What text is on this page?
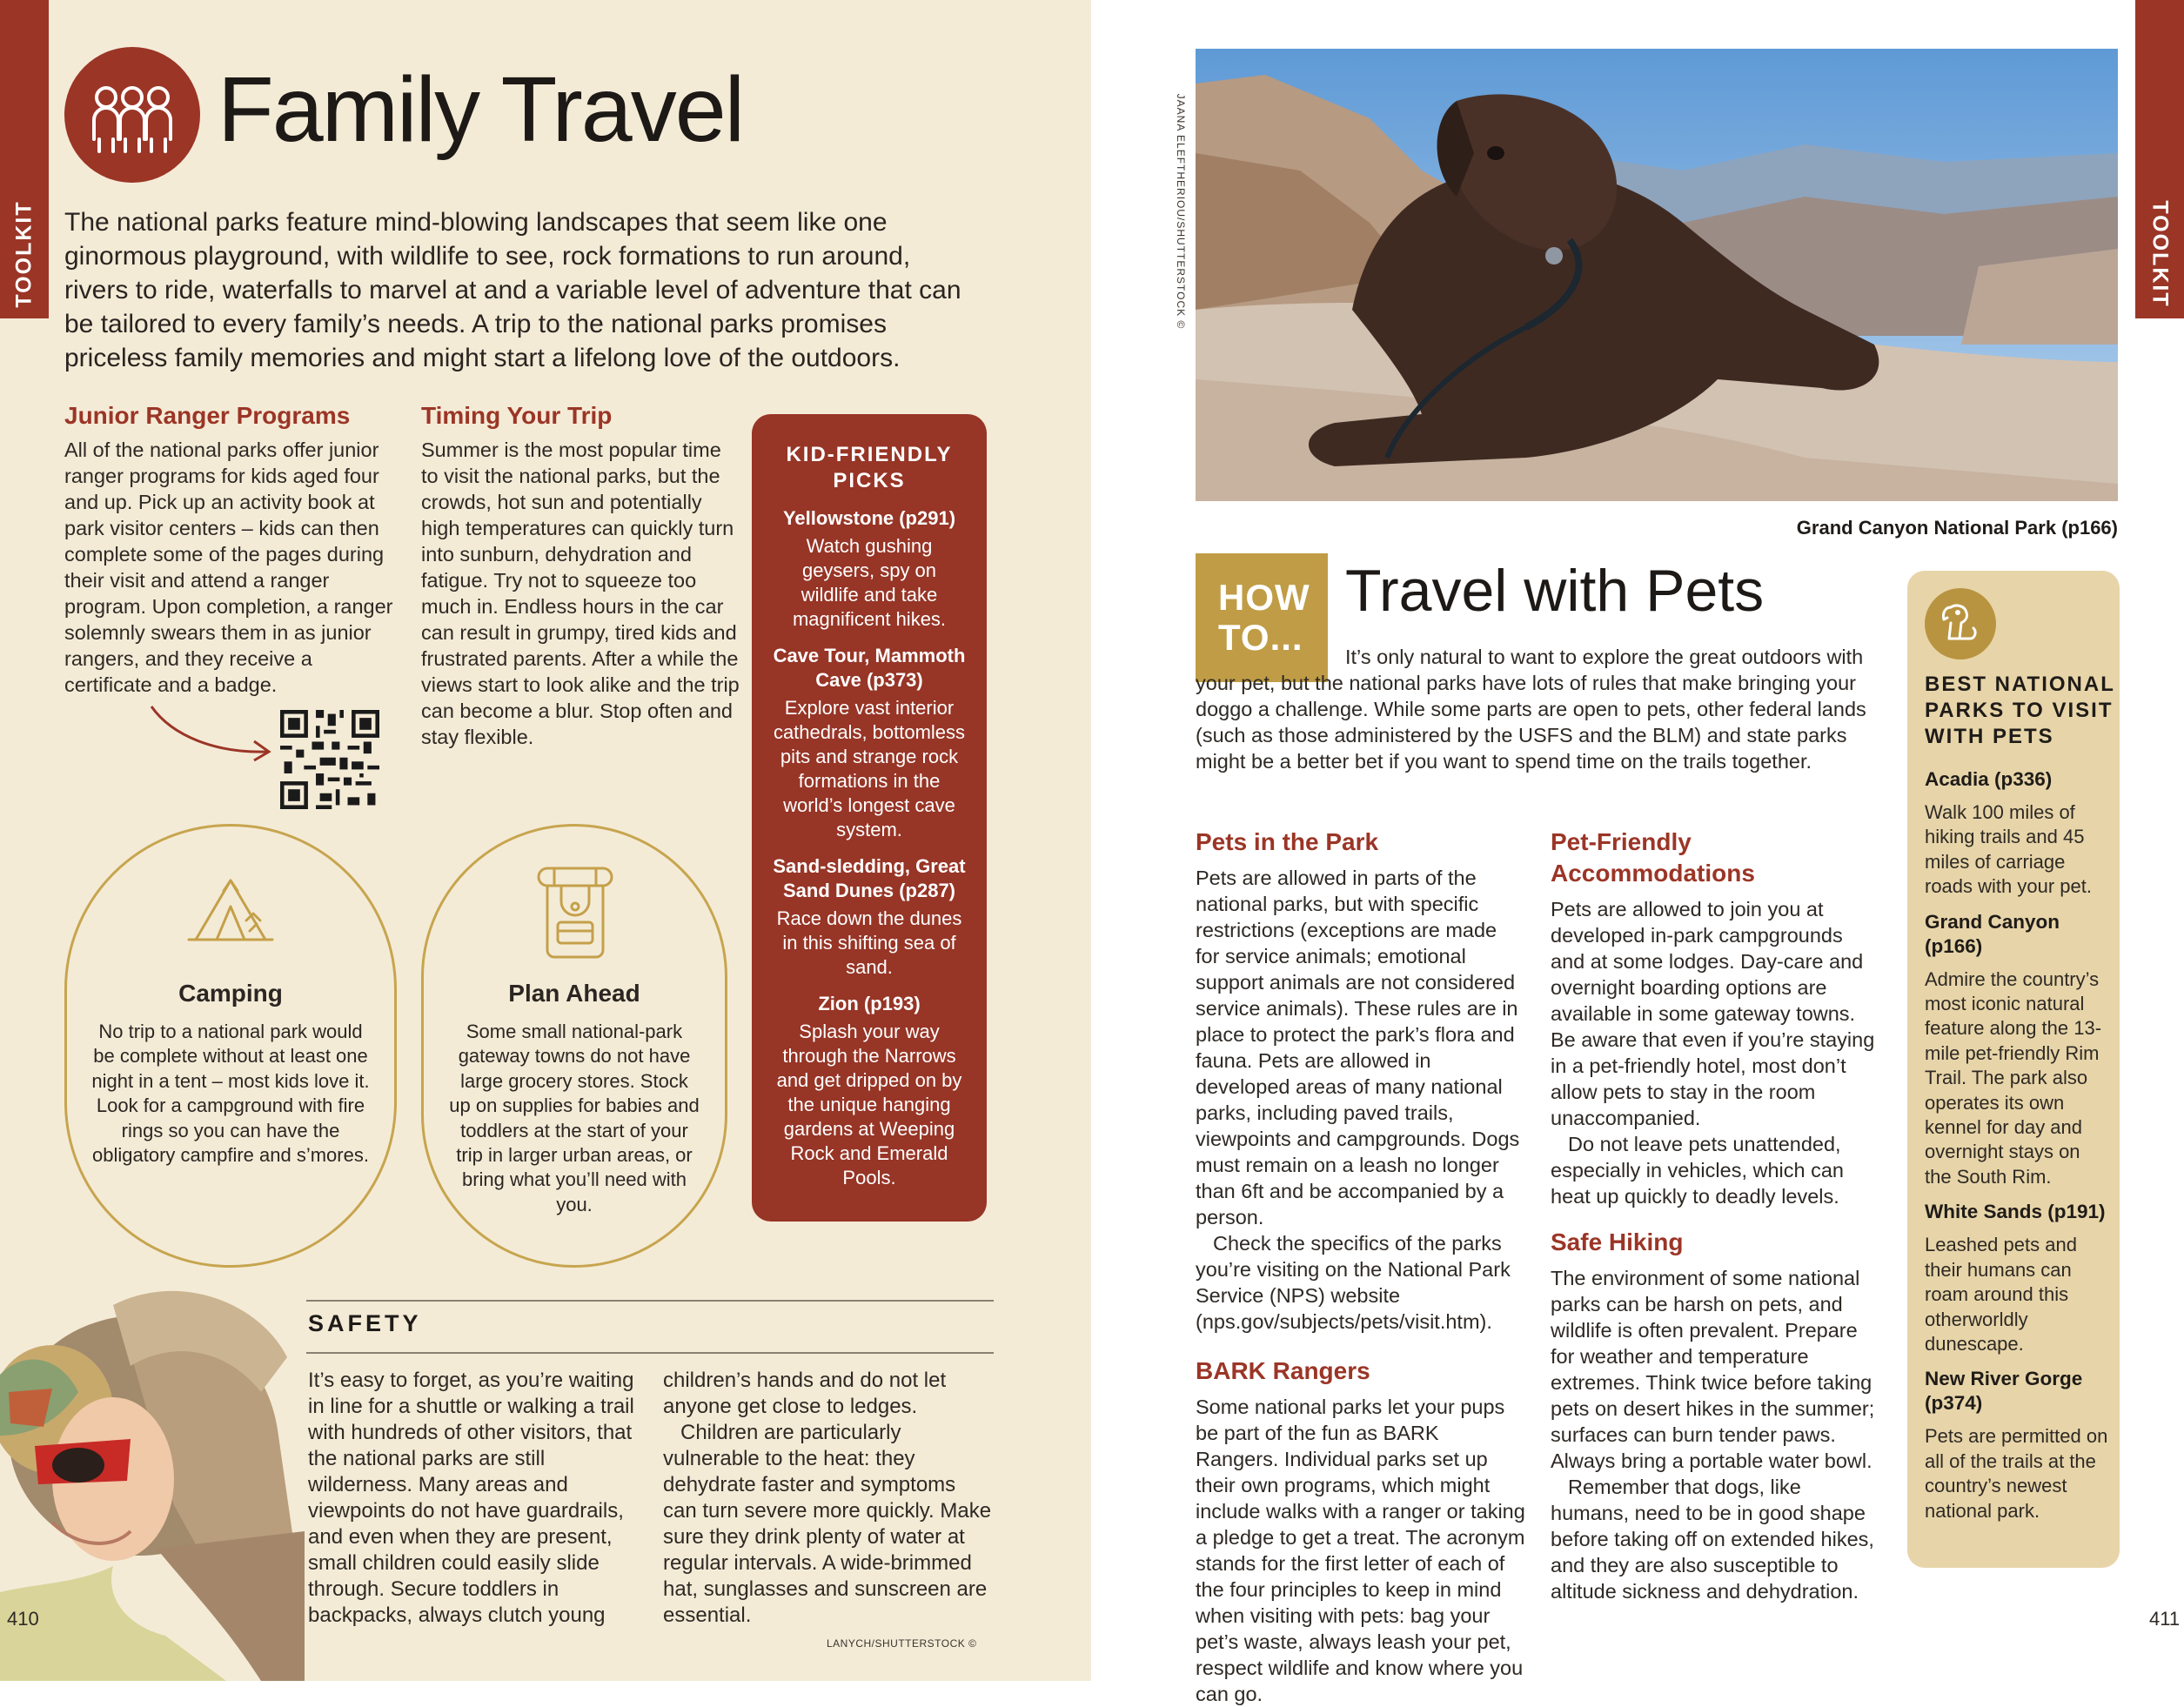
TOOLKIT
Family Travel
The national parks feature mind-blowing landscapes that seem like one ginormous playground, with wildlife to see, rock formations to run around, rivers to ride, waterfalls to marvel at and a variable level of adventure that can be tailored to every family’s needs. A trip to the national parks promises priceless family memories and might start a lifelong love of the outdoors.
Junior Ranger Programs
All of the national parks offer junior ranger programs for kids aged four and up. Pick up an activity book at park visitor centers – kids can then complete some of the pages during their visit and attend a ranger program. Upon completion, a ranger solemnly swears them in as junior rangers, and they receive a certificate and a badge.
Timing Your Trip
Summer is the most popular time to visit the national parks, but the crowds, hot sun and potentially high temperatures can quickly turn into sunburn, dehydration and fatigue. Try not to squeeze too much in. Endless hours in the car can result in grumpy, tired kids and frustrated parents. After a while the views start to look alike and the trip can become a blur. Stop often and stay flexible.
KID-FRIENDLY PICKS
Yellowstone (p291)
Watch gushing geysers, spy on wildlife and take magnificent hikes.
Cave Tour, Mammoth Cave (p373)
Explore vast interior cathedrals, bottomless pits and strange rock formations in the world’s longest cave system.
Sand-sledding, Great Sand Dunes (p287)
Race down the dunes in this shifting sea of sand.
Zion (p193)
Splash your way through the Narrows and get dripped on by the unique hanging gardens at Weeping Rock and Emerald Pools.
Camping
No trip to a national park would be complete without at least one night in a tent – most kids love it. Look for a campground with fire rings so you can have the obligatory campfire and s’mores.
Plan Ahead
Some small national-park gateway towns do not have large grocery stores. Stock up on supplies for babies and toddlers at the start of your trip in larger urban areas, or bring what you’ll need with you.
SAFETY
It’s easy to forget, as you’re waiting in line for a shuttle or walking a trail with hundreds of other visitors, that the national parks are still wilderness. Many areas and viewpoints do not have guardrails, and even when they are present, small children could easily slide through. Secure toddlers in backpacks, always clutch young

children’s hands and do not let anyone get close to ledges.

Children are particularly vulnerable to the heat: they dehydrate faster and symptoms can turn severe more quickly. Make sure they drink plenty of water at regular intervals. A wide-brimmed hat, sunglasses and sunscreen are essential.

LANYCH/SHUTTERSTOCK ©
410
TOOLKIT
JAANA ELEFTHERIOU/SHUTTERSTOCK ©
Grand Canyon National Park (p166)
HOW TO...
Travel with Pets

It’s only natural to want to explore the great outdoors with your pet, but the national parks have lots of rules that make bringing your doggo a challenge. While some parts are open to pets, other federal lands (such as those administered by the USFS and the BLM) and state parks might be a better bet if you want to spend time on the trails together.

Pets in the Park

Pets are allowed in parts of the national parks, but with specific restrictions (exceptions are made for service animals; emotional support animals are not considered service animals). These rules are in place to protect the park’s flora and fauna. Pets are allowed in developed areas of many national parks, including paved trails, viewpoints and campgrounds. Dogs must remain on a leash no longer than 6ft and be accompanied by a person.

Check the specifics of the parks you’re visiting on the National Park Service (NPS) website (nps.gov/subjects/pets/visit.htm).

BARK Rangers
Some national parks let your pups be part of the fun as BARK Rangers. Individual parks set up their own programs, which might include walks with a ranger or taking a pledge to get a treat. The acronym stands for the first letter of each of the four principles to keep in mind when visiting with pets: bag your pet’s waste, always leash your pet, respect wildlife and know where you can go.
Pet-Friendly Accommodations

Pets are allowed to join you at developed in-park campgrounds and at some lodges. Day-care and overnight boarding options are available in some gateway towns. Be aware that even if you’re staying in a pet-friendly hotel, most don’t allow pets to stay in the room unaccompanied.

Do not leave pets unattended, especially in vehicles, which can heat up quickly to deadly levels.

Safe Hiking

The environment of some national parks can be harsh on pets, and wildlife is often prevalent. Prepare for weather and temperature extremes. Think twice before taking pets on desert hikes in the summer; surfaces can burn tender paws. Always bring a portable water bowl.

Remember that dogs, like humans, need to be in good shape before taking off on extended hikes, and they are also susceptible to altitude sickness and dehydration.

BEST NATIONAL PARKS TO VISIT WITH PETS
Acadia (p336)
Walk 100 miles of hiking trails and 45 miles of carriage roads with your pet.
Grand Canyon (p166)
Admire the country’s most iconic natural feature along the 13-mile pet-friendly Rim Trail. The park also operates its own kennel for day and overnight stays on the South Rim.
White Sands (p191)
Leashed pets and their humans can roam around this otherworldly dunescape.
New River Gorge (p374)
Pets are permitted on all of the trails at the country’s newest national park.
411
